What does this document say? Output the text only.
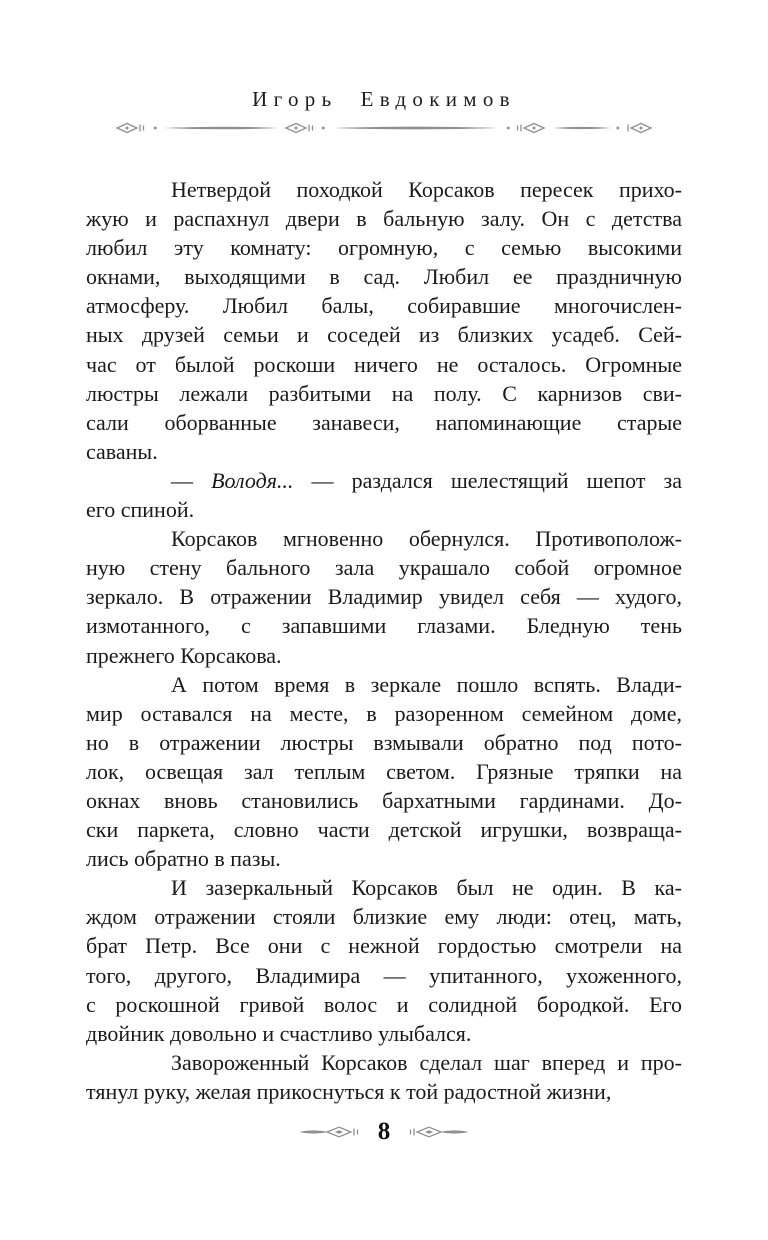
Игорь Евдокимов
Нетвердой походкой Корсаков пересек прихо-
жую и распахнул двери в бальную залу. Он с детства
любил эту комнату: огромную, с семью высокими
окнами, выходящими в сад. Любил ее праздничную
атмосферу. Любил балы, собиравшие многочислен-
ных друзей семьи и соседей из близких усадеб. Сей-
час от былой роскоши ничего не осталось. Огромные
люстры лежали разбитыми на полу. С карнизов сви-
сали оборванные занавеси, напоминающие старые
саваны.
— Володя... — раздался шелестящий шепот за
его спиной.
Корсаков мгновенно обернулся. Противополож-
ную стену бального зала украшало собой огромное
зеркало. В отражении Владимир увидел себя — худого,
измотанного, с запавшими глазами. Бледную тень
прежнего Корсакова.
А потом время в зеркале пошло вспять. Влади-
мир оставался на месте, в разоренном семейном доме,
но в отражении люстры взмывали обратно под пото-
лок, освещая зал теплым светом. Грязные тряпки на
окнах вновь становились бархатными гардинами. До-
ски паркета, словно части детской игрушки, возвраща-
лись обратно в пазы.
И зазеркальный Корсаков был не один. В ка-
ждом отражении стояли близкие ему люди: отец, мать,
брат Петр. Все они с нежной гордостью смотрели на
того, другого, Владимира — упитанного, ухоженного,
с роскошной гривой волос и солидной бородкой. Его
двойник довольно и счастливо улыбался.
Завороженный Корсаков сделал шаг вперед и про-
тянул руку, желая прикоснуться к той радостной жизни,
8
